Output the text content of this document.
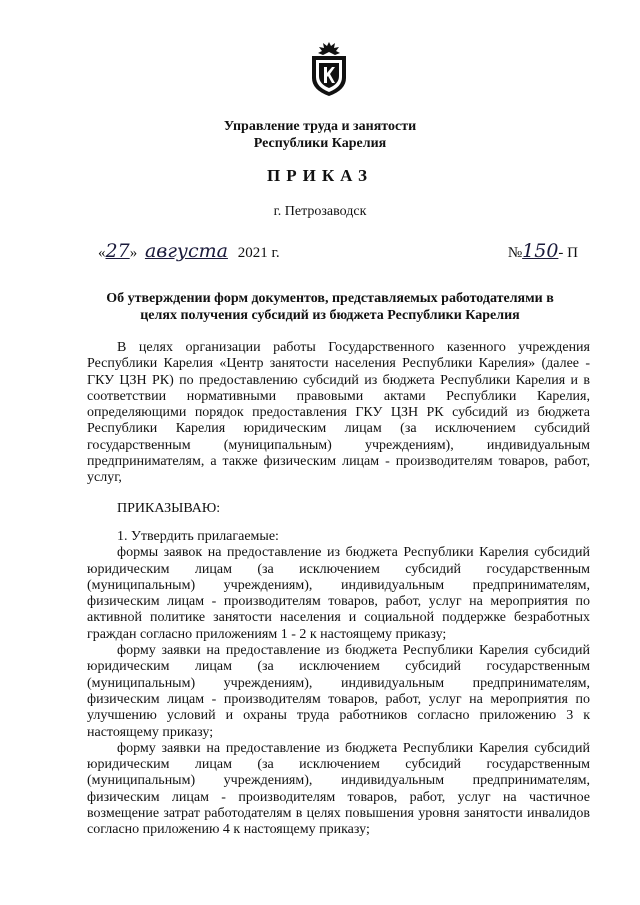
Управление труда и занятости
Республики Карелия
ПРИКАЗ
г. Петрозаводск
«27» августа 2021 г.	№150- П
Об утверждении форм документов, представляемых работодателями в
целях получения субсидий из бюджета Республики Карелия

В целях организации работы Государственного казенного учреждения Республики Карелия «Центр занятости населения Республики Карелия» (далее - ГКУ ЦЗН РК) по предоставлению субсидий из бюджета Республики Карелия и в соответствии нормативными правовыми актами Республики Карелия, определяющими порядок предоставления ГКУ ЦЗН РК субсидий из бюджета Республики Карелия юридическим лицам (за исключением субсидий государственным (муниципальным) учреждениям), индивидуальным предпринимателям, а также физическим лицам - производителям товаров, работ, услуг,

ПРИКАЗЫВАЮ:

1. Утвердить прилагаемые:

формы заявок на предоставление из бюджета Республики Карелия субсидий юридическим лицам (за исключением субсидий государственным (муниципальным) учреждениям), индивидуальным предпринимателям, физическим лицам - производителям товаров, работ, услуг на мероприятия по активной политике занятости населения и социальной поддержке безработных граждан согласно приложениям 1 - 2 к настоящему приказу;

форму заявки на предоставление из бюджета Республики Карелия субсидий юридическим лицам (за исключением субсидий государственным (муниципальным) учреждениям), индивидуальным предпринимателям, физическим лицам - производителям товаров, работ, услуг на мероприятия по улучшению условий и охраны труда работников согласно приложению 3 к настоящему приказу;

форму заявки на предоставление из бюджета Республики Карелия субсидий юридическим лицам (за исключением субсидий государственным (муниципальным) учреждениям), индивидуальным предпринимателям, физическим лицам - производителям товаров, работ, услуг на частичное возмещение затрат работодателям в целях повышения уровня занятости инвалидов согласно приложению 4 к настоящему приказу;
